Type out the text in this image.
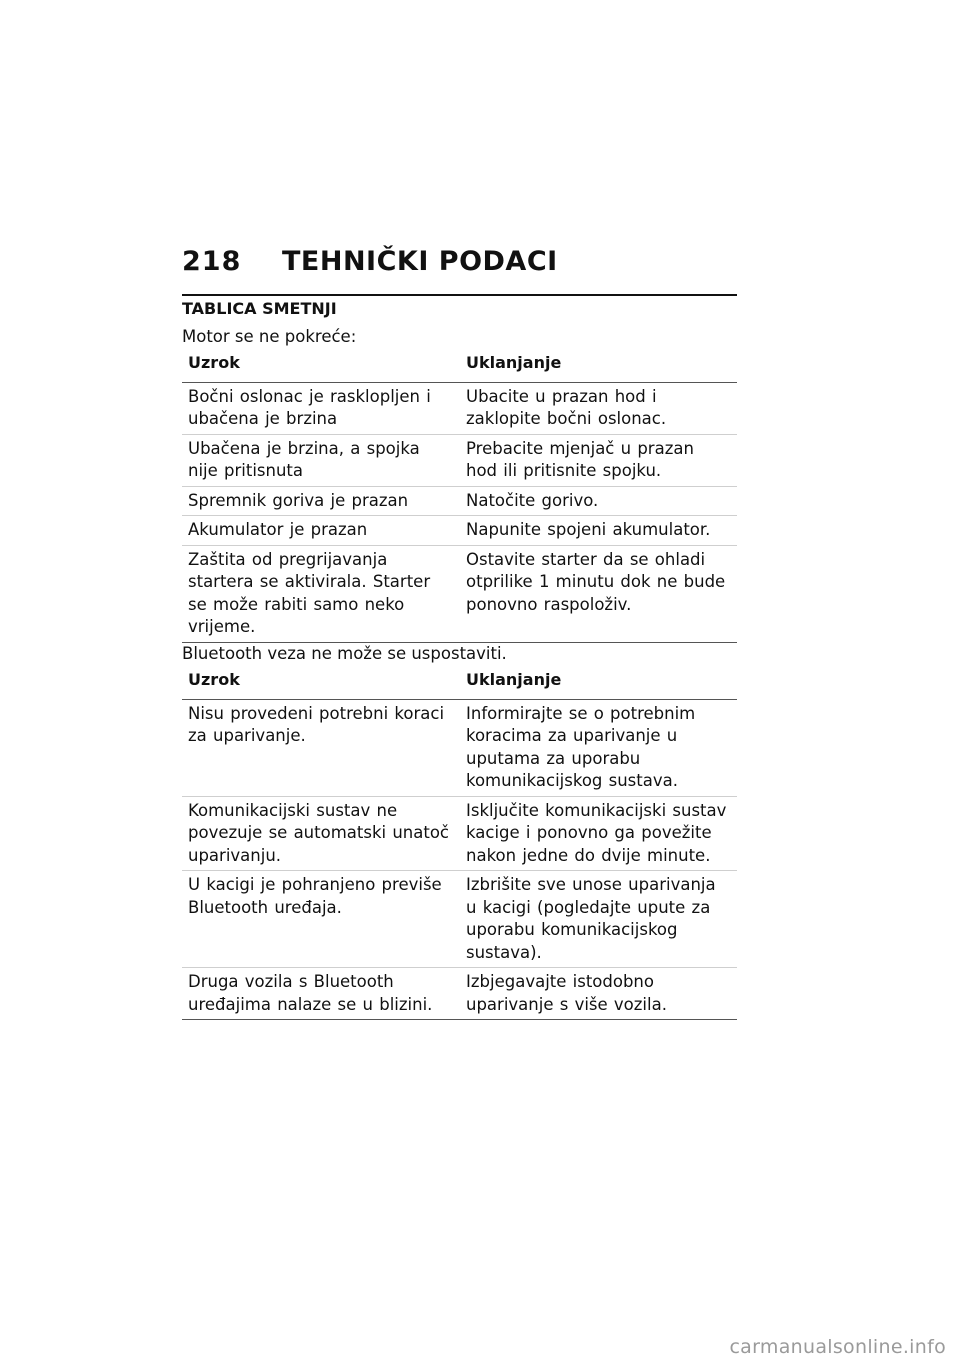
218 TEHNIČKI PODACI
TABLICA SMETNJI
Motor se ne pokreće:
Uzrok	Uklanjanje

Bočni oslonac je rasklopljen i ubačena je brzina	Ubacite u prazan hod i zaklopite bočni oslonac.

Ubačena je brzina, a spojka nije pritisnuta	Prebacite mjenjač u prazan hod ili pritisnite spojku.

Spremnik goriva je prazan	Natočite gorivo.

Akumulator je prazan	Napunite spojeni akumulator.

Zaštita od pregrijavanja startera se aktivirala. Starter se može rabiti samo neko vrijeme.	Ostavite starter da se ohladi otprilike 1 minutu dok ne bude ponovno raspoloživ.
Bluetooth veza ne može se uspostaviti.
Uzrok	Uklanjanje

Nisu provedeni potrebni koraci za uparivanje.	Informirajte se o potrebnim koracima za uparivanje u uputama za uporabu komunikacijskog sustava.

Komunikacijski sustav ne povezuje se automatski unatoč uparivanju.	Isključite komunikacijski sustav kacige i ponovno ga povežite nakon jedne do dvije minute.

U kacigi je pohranjeno previše Bluetooth uređaja.	Izbrišite sve unose uparivanja u kacigi (pogledajte upute za uporabu komunikacijskog sustava).

Druga vozila s Bluetooth uređajima nalaze se u blizini.	Izbjegavajte istodobno uparivanje s više vozila.
carmanualsonline.info
